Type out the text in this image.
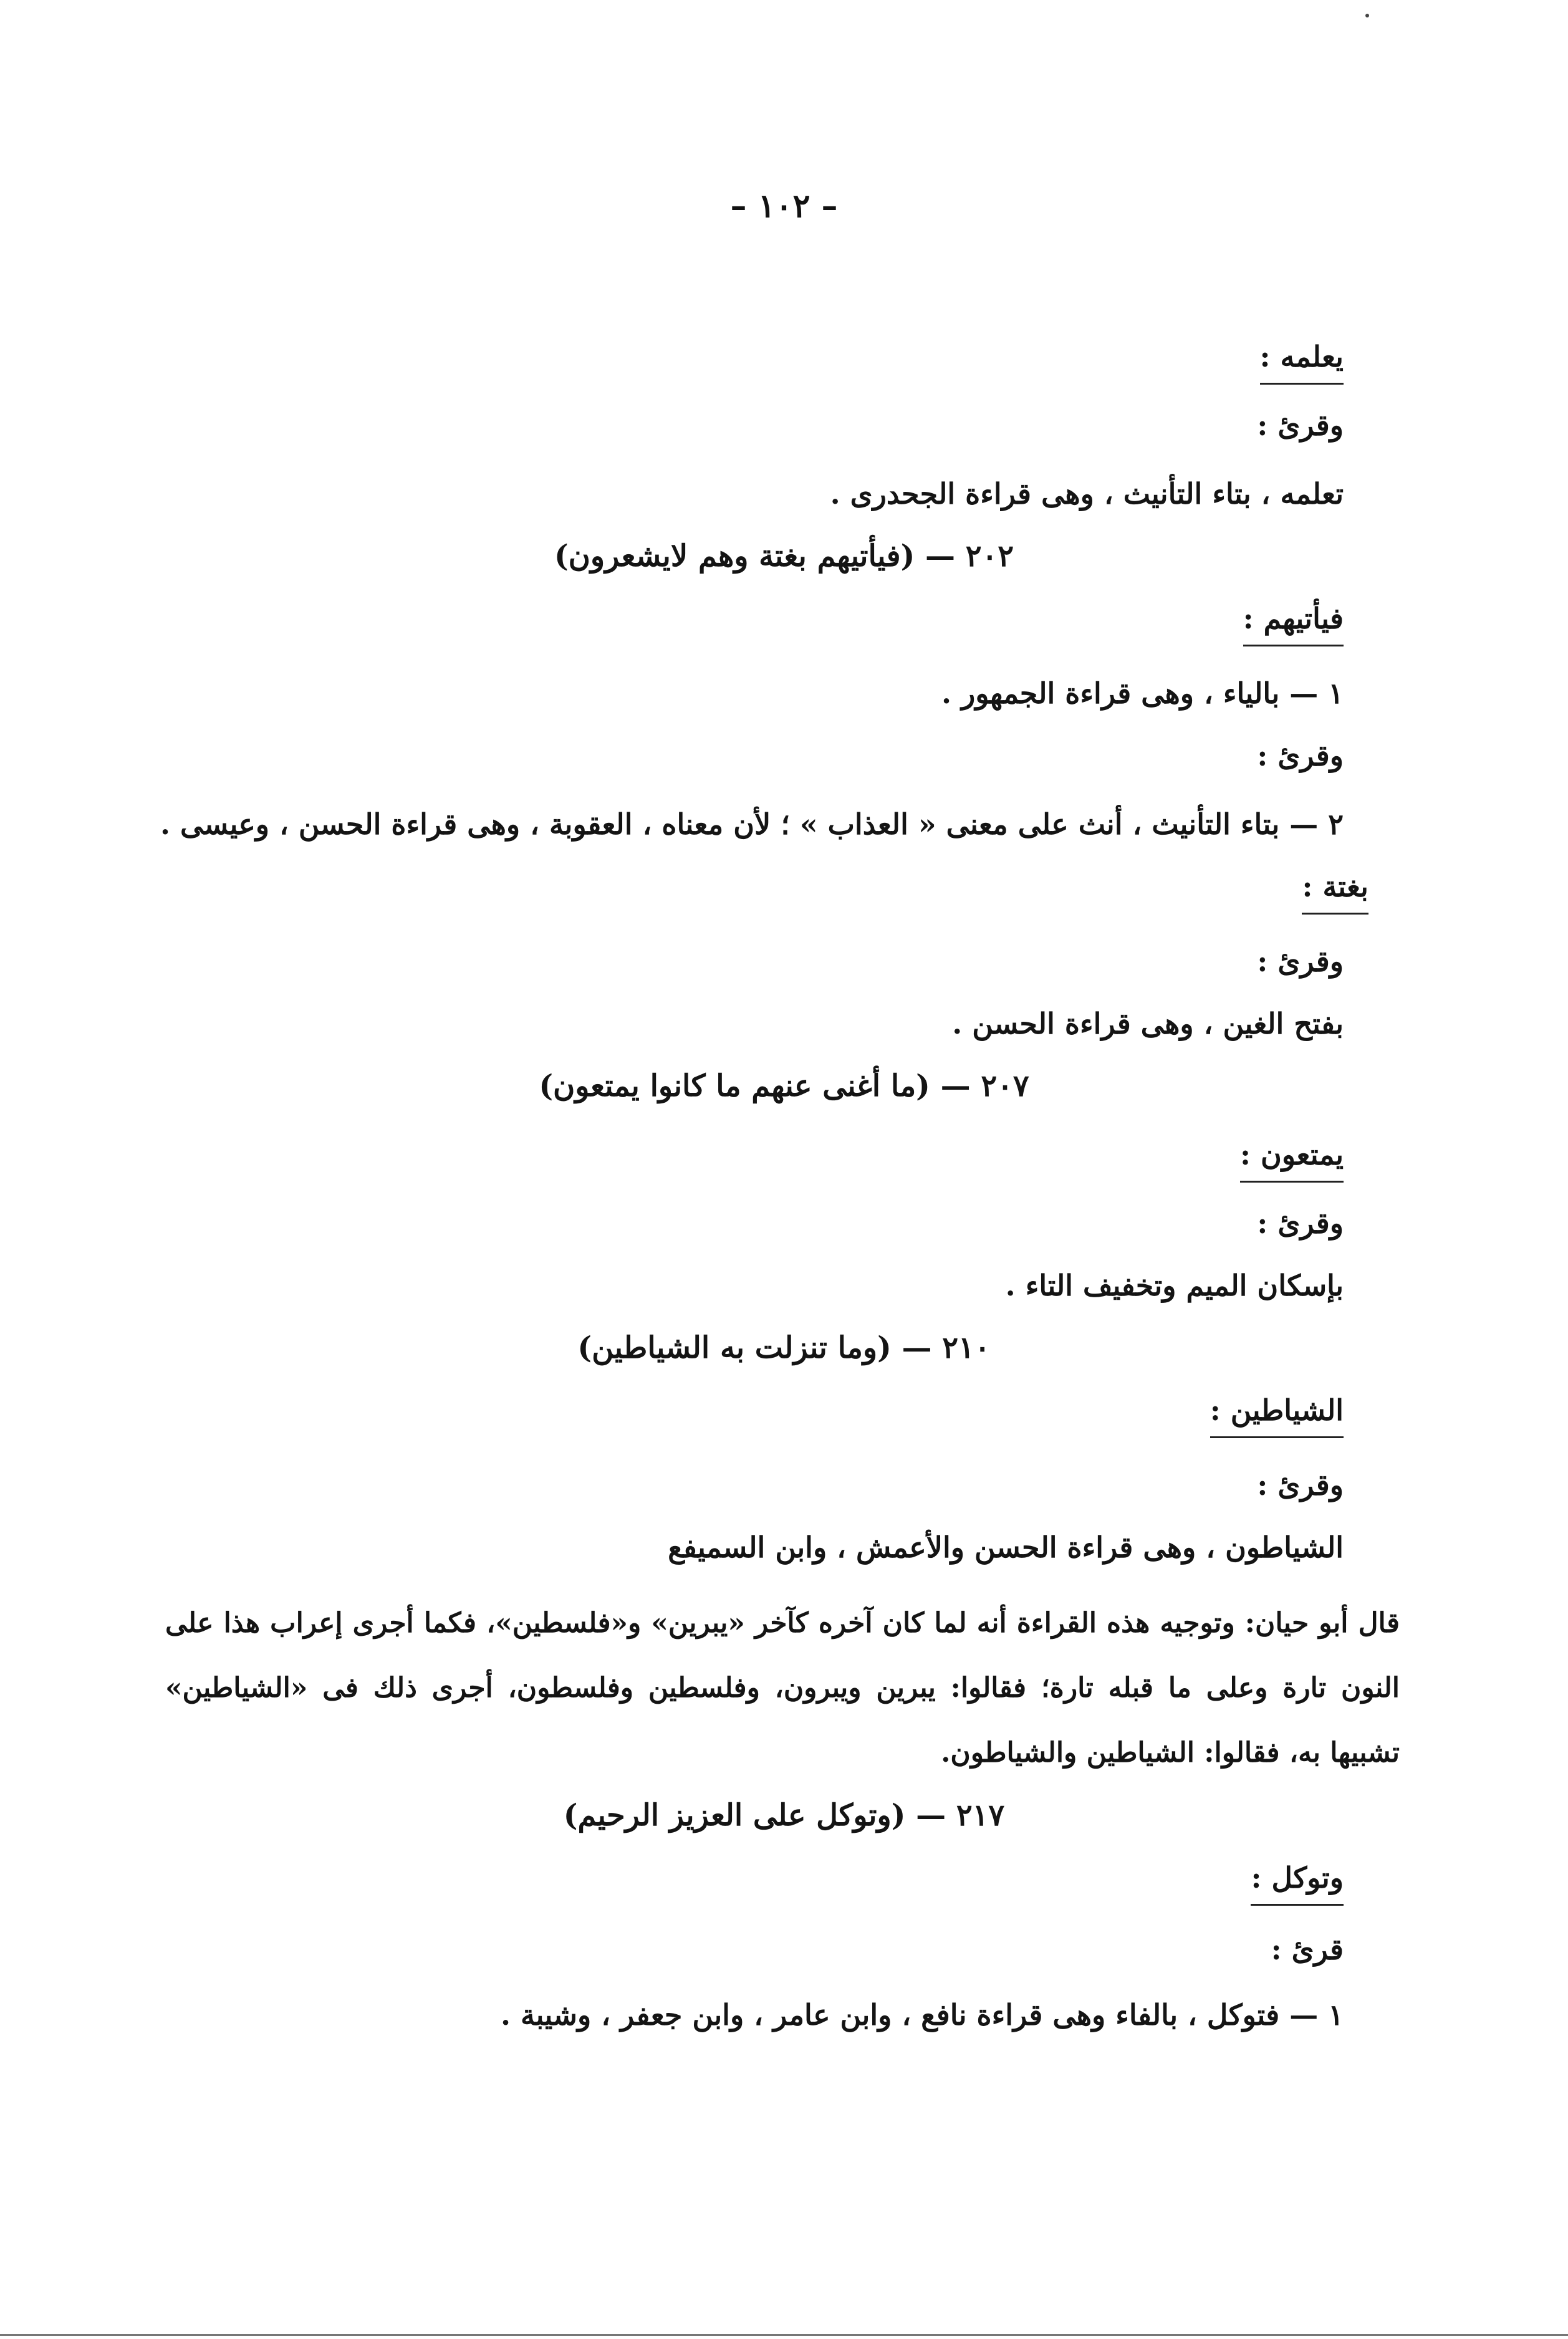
– ١٠٢ –
يعلمه :
وقرئ :
تعلمه ، بتاء التأنيث ، وهى قراءة الجحدرى .
٢٠٢ — (فيأتيهم بغتة وهم لايشعرون)
فيأتيهم :
١ — بالياء ، وهى قراءة الجمهور .
وقرئ :
٢ — بتاء التأنيث ، أنث على معنى « العذاب » ؛ لأن معناه ، العقوبة ، وهى قراءة الحسن ، وعيسى .
بغتة :
وقرئ :
بفتح الغين ، وهى قراءة الحسن .
٢٠٧ — (ما أغنى عنهم ما كانوا يمتعون)
يمتعون :
وقرئ :
بإسكان الميم وتخفيف التاء .
٢١٠ — (وما تنزلت به الشياطين)
الشياطين :
وقرئ :
الشياطون ، وهى قراءة الحسن والأعمش ، وابن السميفع
قال أبو حيان: وتوجيه هذه القراءة أنه لما كان آخره كآخر «يبرين» و«فلسطين»، فكما أجرى إعراب هذا على النون تارة وعلى ما قبله تارة؛ فقالوا: يبرين ويبرون، وفلسطين وفلسطون، أجرى ذلك فى «الشياطين» تشبيها به، فقالوا: الشياطين والشياطون.
٢١٧ — (وتوكل على العزيز الرحيم)
وتوكل :
قرئ :
١ — فتوكل ، بالفاء وهى قراءة نافع ، وابن عامر ، وابن جعفر ، وشيبة .
